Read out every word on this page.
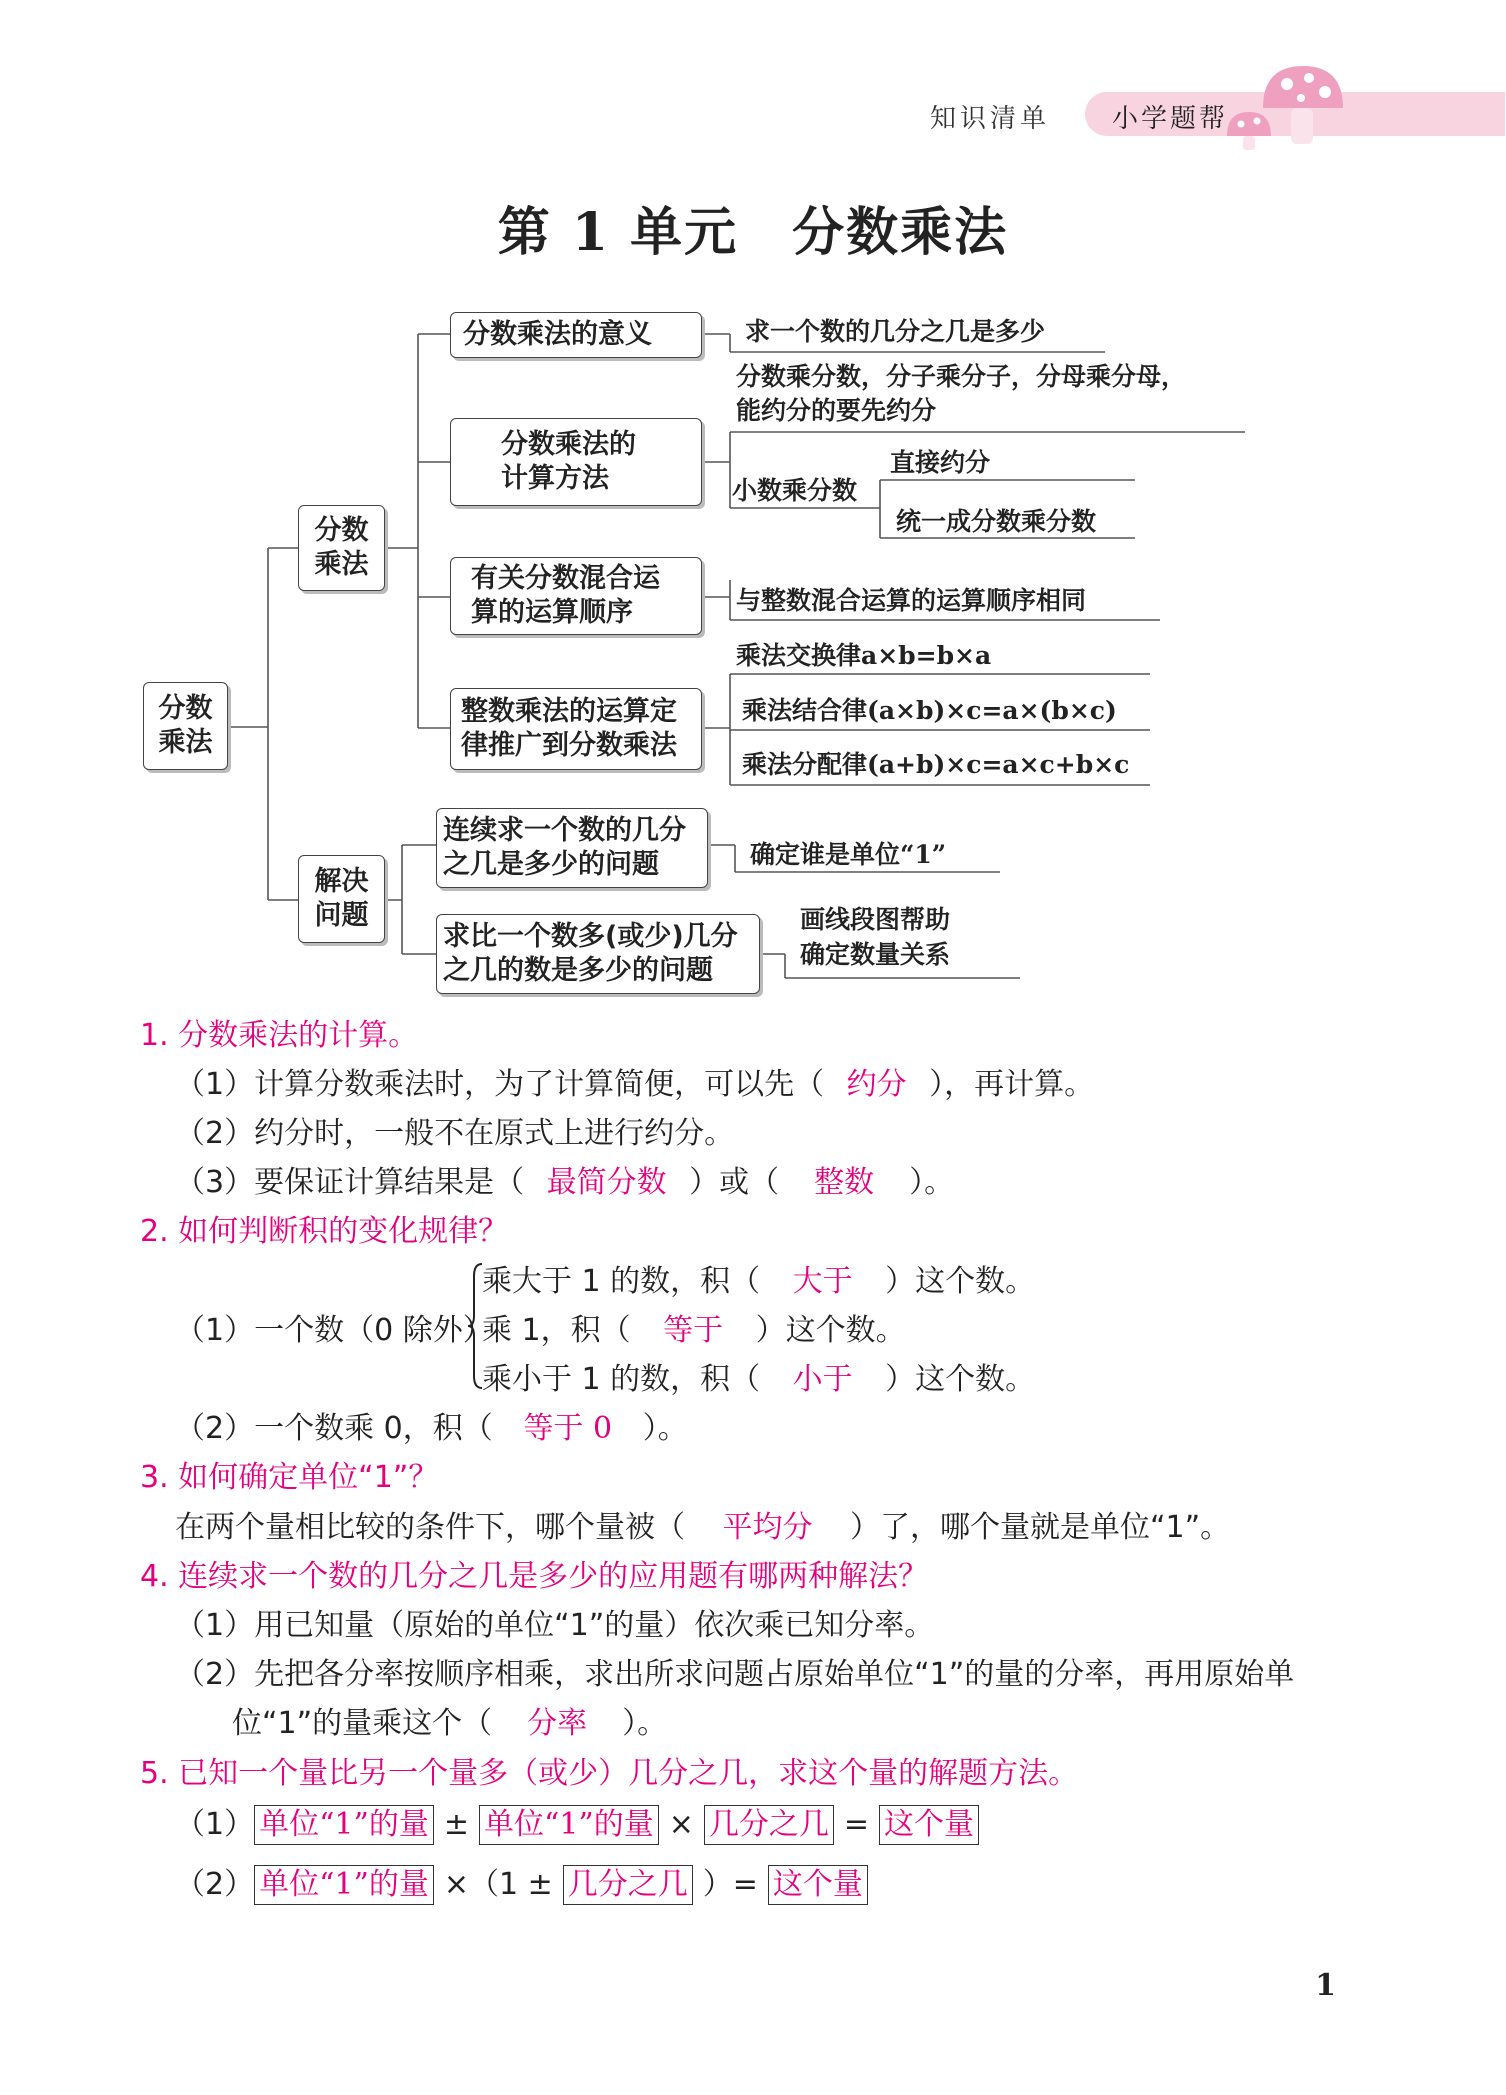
知识清单 小学题帮
第 1 单元　分数乘法
分数
乘法
分数
乘法
解决
问题
分数乘法的意义
分数乘法的
计算方法
有关分数混合运
算的运算顺序
整数乘法的运算定
律推广到分数乘法
连续求一个数的几分
之几是多少的问题
求比一个数多(或少)几分
之几的数是多少的问题
求一个数的几分之几是多少
分数乘分数，分子乘分子，分母乘分母，
能约分的要先约分
小数乘分数
直接约分
统一成分数乘分数
与整数混合运算的运算顺序相同
乘法交换律a×b=b×a
乘法结合律(a×b)×c=a×(b×c)
乘法分配律(a+b)×c=a×c+b×c
确定谁是单位“1”
画线段图帮助
确定数量关系
1. 分数乘法的计算。
（1）计算分数乘法时，为了计算简便，可以先（ 约分 ），再计算。
（2）约分时，一般不在原式上进行约分。
（3）要保证计算结果是（ 最简分数 ）或（ 整数 ）。
2. 如何判断积的变化规律？
（1）一个数（0 除外）
乘大于 1 的数，积（ 大于 ）这个数。
乘 1，积（ 等于 ）这个数。
乘小于 1 的数，积（ 小于 ）这个数。
（2）一个数乘 0，积（ 等于 0 ）。
3. 如何确定单位“1”？
在两个量相比较的条件下，哪个量被（ 平均分 ）了，哪个量就是单位“1”。
4. 连续求一个数的几分之几是多少的应用题有哪两种解法？
（1）用已知量（原始的单位“1”的量）依次乘已知分率。
（2）先把各分率按顺序相乘，求出所求问题占原始单位“1”的量的分率，再用原始单
位“1”的量乘这个（ 分率 ）。
5. 已知一个量比另一个量多（或少）几分之几，求这个量的解题方法。
（1） 单位“1”的量 ± 单位“1”的量 × 几分之几 = 这个量
（2） 单位“1”的量 ×（1 ± 几分之几 ）= 这个量
1
